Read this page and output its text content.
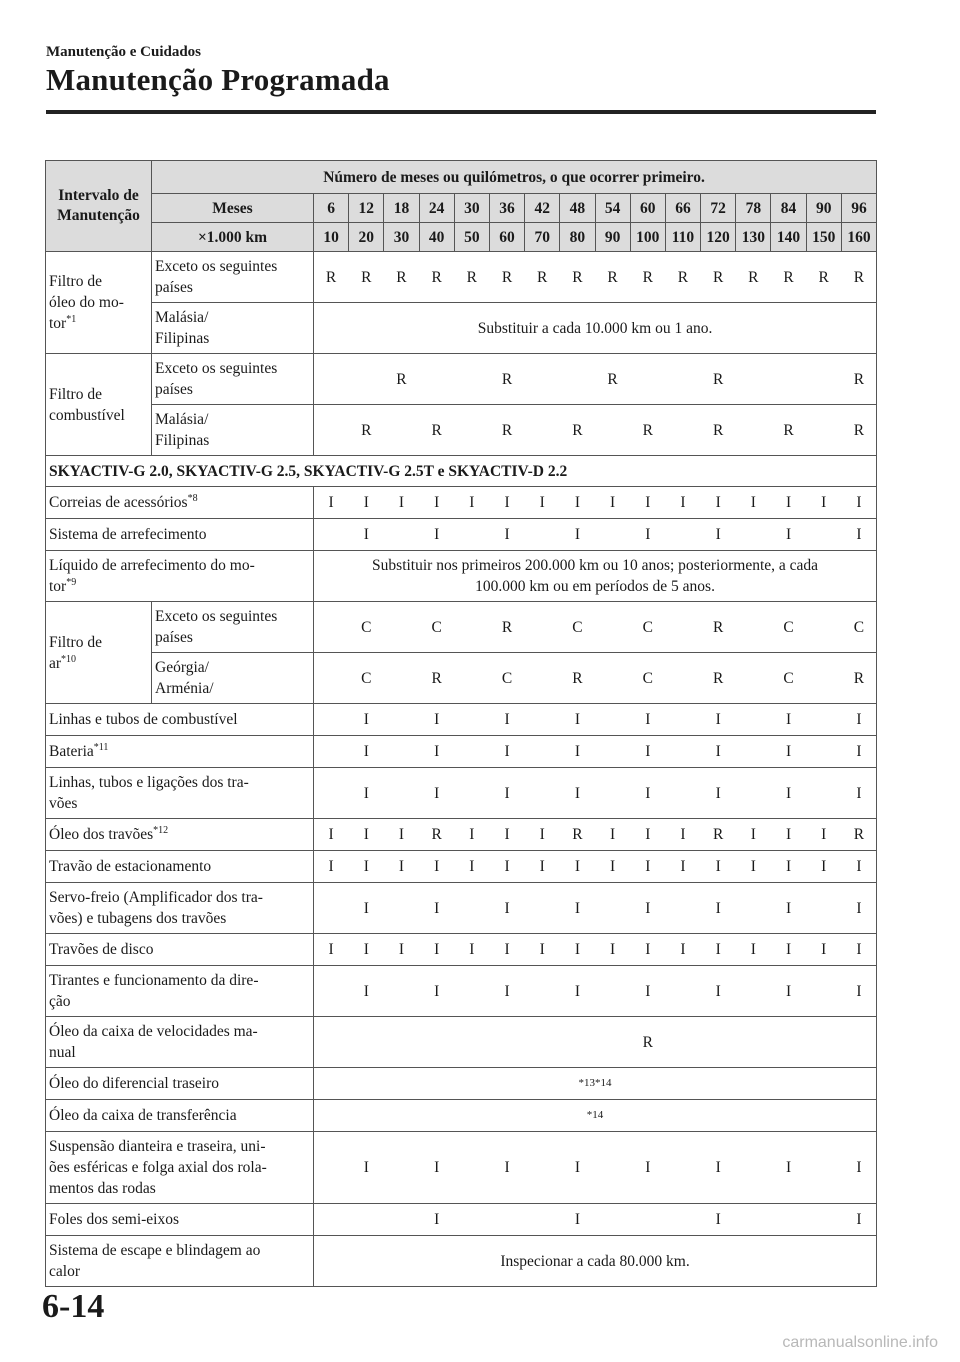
Manutenção e Cuidados
Manutenção Programada
Intervalo de
Manutenção	Número de meses ou quilómetros, o que ocorrer primeiro.																
	Meses	6	12	18	24	30	36	42	48	54	60	66	72	78	84	90	96
	×1.000 km	10	20	30	40	50	60	70	80	90	100	110	120	130	140	150	160
Filtro de
óleo do mo-
tor$^{*1}$	Exceto os seguintes
países	R	R	R	R	R	R	R	R	R	R	R	R	R	R	R	R
	Malásia/
Filipinas	Substituir a cada 10.000 km ou 1 ano.															
Filtro de
combustível	Exceto os seguintes
países			R			R			R			R				R
	Malásia/
Filipinas		R		R		R		R		R		R		R		R
SKYACTIV-G 2.0, SKYACTIV-G 2.5, SKYACTIV-G 2.5T e SKYACTIV-D 2.2																	
Correias de acessórios$^{*8}$		I	I	I	I	I	I	I	I	I	I	I	I	I	I	I	I
Sistema de arrefecimento			I		I		I		I		I		I		I		I
Líquido de arrefecimento do mo-
tor$^{*9}$		Substituir nos primeiros 200.000 km ou 10 anos; posteriormente, a cada
100.000 km ou em períodos de 5 anos.															
Filtro de
$ar^{*10}$	Exceto os seguintes
países		C		C		R		C		C		R		C		C
	Geórgia/
Arménia/		C		R		C		R		C		R		C		R
Linhas e tubos de combustível			I		I		I		I		I		I		I		I
Bateria$^{*11}$			I		I		I		I		I		I		I		I
Linhas, tubos e ligações dos tra-
vões			I		I		I		I		I		I		I		I
Óleo dos travões$^{*12}$		I	I	I	R	I	I	I	R	I	I	I	R	I	I	I	R
Travão de estacionamento		I	I	I	I	I	I	I	I	I	I	I	I	I	I	I	I
Servo-freio (Amplificador dos tra-
vões) e tubagens dos travões			I		I		I		I		I		I		I		I
Travões de disco		I	I	I	I	I	I	I	I	I	I	I	I	I	I	I	I
Tirantes e funcionamento da dire-
ção			I		I		I		I		I		I		I		I
Óleo da caixa de velocidades ma-
nual											R						
Óleo do diferencial traseiro		*13*14															
Óleo da caixa de transferência		*14															
Suspensão dianteira e traseira, uni-
ões esféricas e folga axial dos rola-
mentos das rodas			I		I		I		I		I		I		I		I
Foles dos semi-eixos					I				I				I				I
Sistema de escape e blindagem ao
calor		Inspecionar a cada 80.000 km.															
6-14
carmanualsonline.info
